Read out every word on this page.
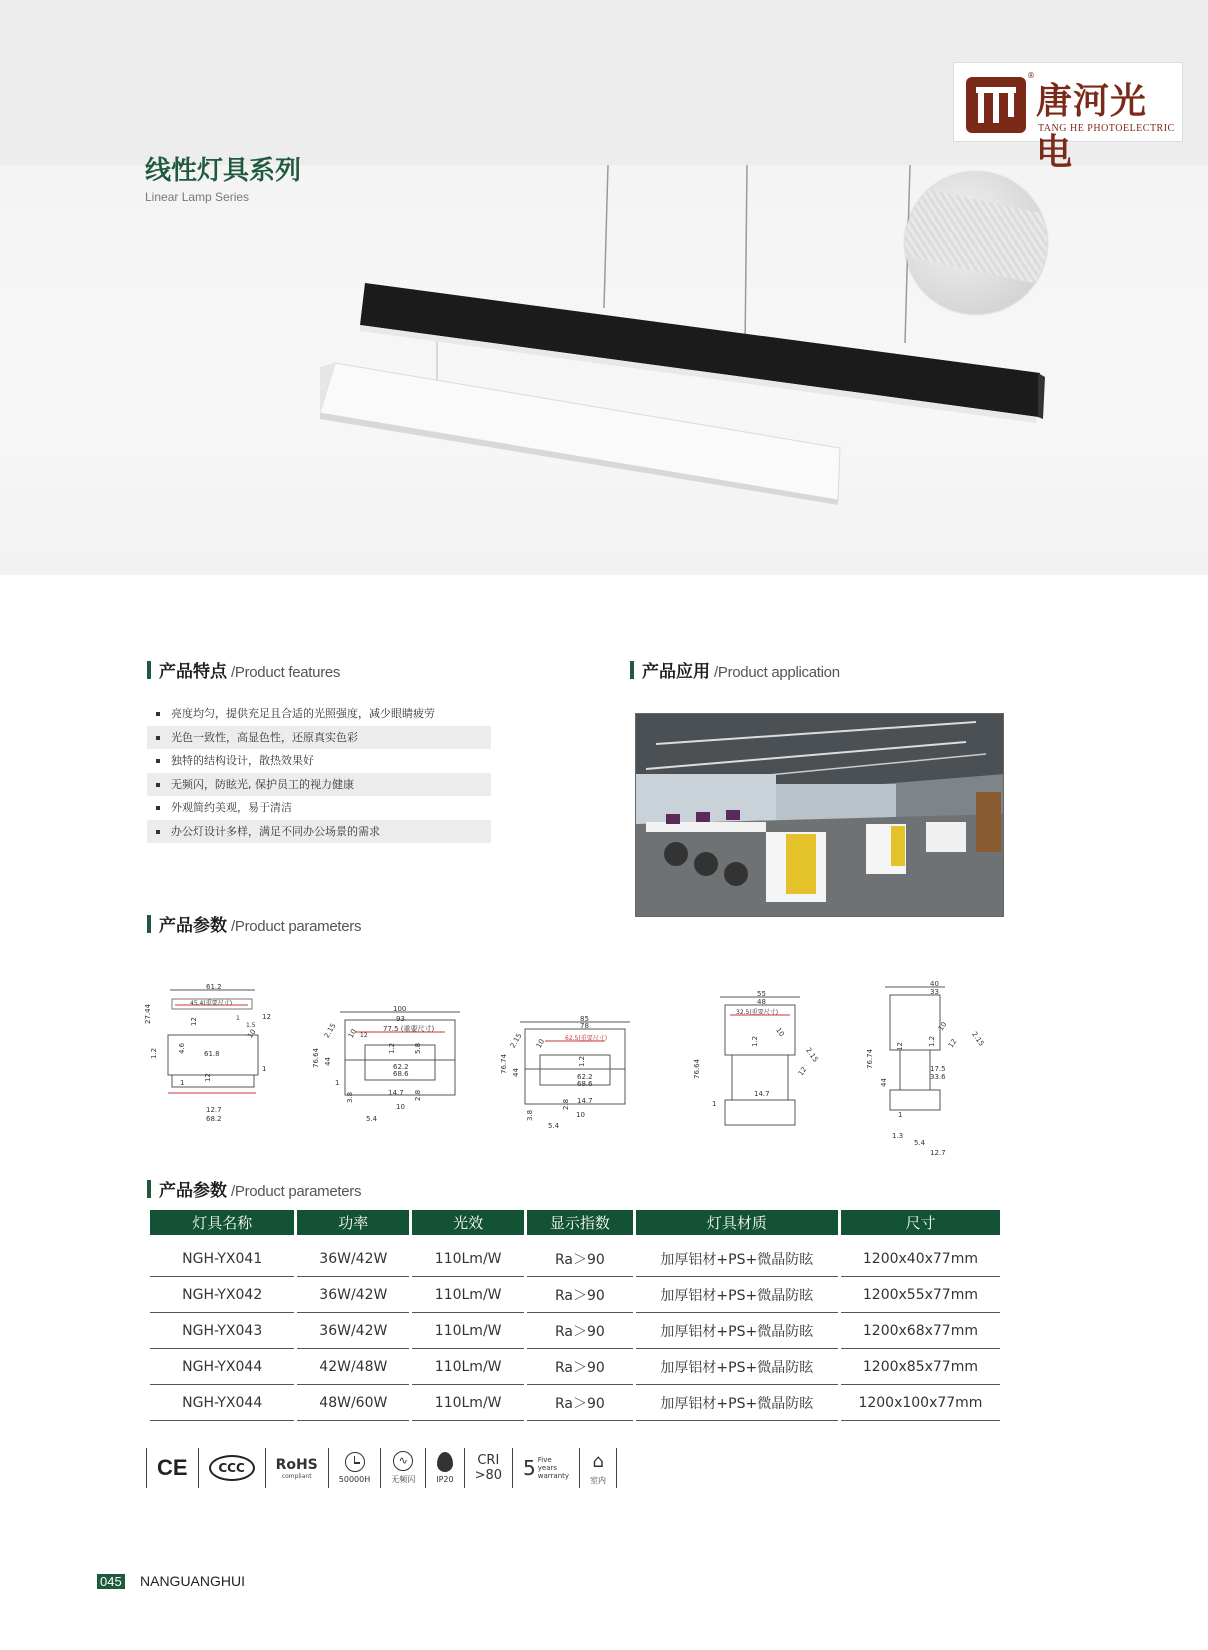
®
唐河光电
TANG HE PHOTOELECTRIC
线性灯具系列
Linear Lamp Series
产品特点 /Product features
亮度均匀，提供充足且合适的光照强度，减少眼睛疲劳
光色一致性，高显色性，还原真实色彩
独特的结构设计，散热效果好
无频闪，防眩光, 保护员工的视力健康
外观简约美观，易于清洁
办公灯设计多样，满足不同办公场景的需求
产品应用 /Product application
产品参数 /Product parameters
61.2
45.4(重要尺寸)
27.44	12
12
4.6	61.8
12
1.2
1
1
1
1.5
10
12.7
68.2
100
93
77.5 (重要尺寸)
76.64 44
2.15 10 12
1.2	5.8
62.2
68.6
1
14.7 2.8
3.8
10
5.4
85
78
62.5(重要尺寸)
76.74 44
2.15 10
1.2
62.2
68.6
14.7
2.8
3.8	10
5.4
55
48
32.5(重要尺寸)
76.64
10
2.15
1.2
12
14.7
1
40
33
76.74
44
10
2.15
12
1.2
17.5
33.6
1.3
5.4
12.7
12
1
产品参数 /Product parameters
灯具名称	功率	光效	显示指数	灯具材质	尺寸
NGH-YX041	36W/42W	110Lm/W	Ra＞90	加厚铝材+PS+微晶防眩	1200x40x77mm
NGH-YX042	36W/42W	110Lm/W	Ra＞90	加厚铝材+PS+微晶防眩	1200x55x77mm
NGH-YX043	36W/42W	110Lm/W	Ra＞90	加厚铝材+PS+微晶防眩	1200x68x77mm
NGH-YX044	42W/48W	110Lm/W	Ra＞90	加厚铝材+PS+微晶防眩	1200x85x77mm
NGH-YX044	48W/60W	110Lm/W	Ra＞90	加厚铝材+PS+微晶防眩	1200x100x77mm
CE	CCC	RoHS
compliant	50000H
∿
无频闪	IP20
CRI
>80 5 Five
years
warranty
⌂
室内
045 NANGUANGHUI
